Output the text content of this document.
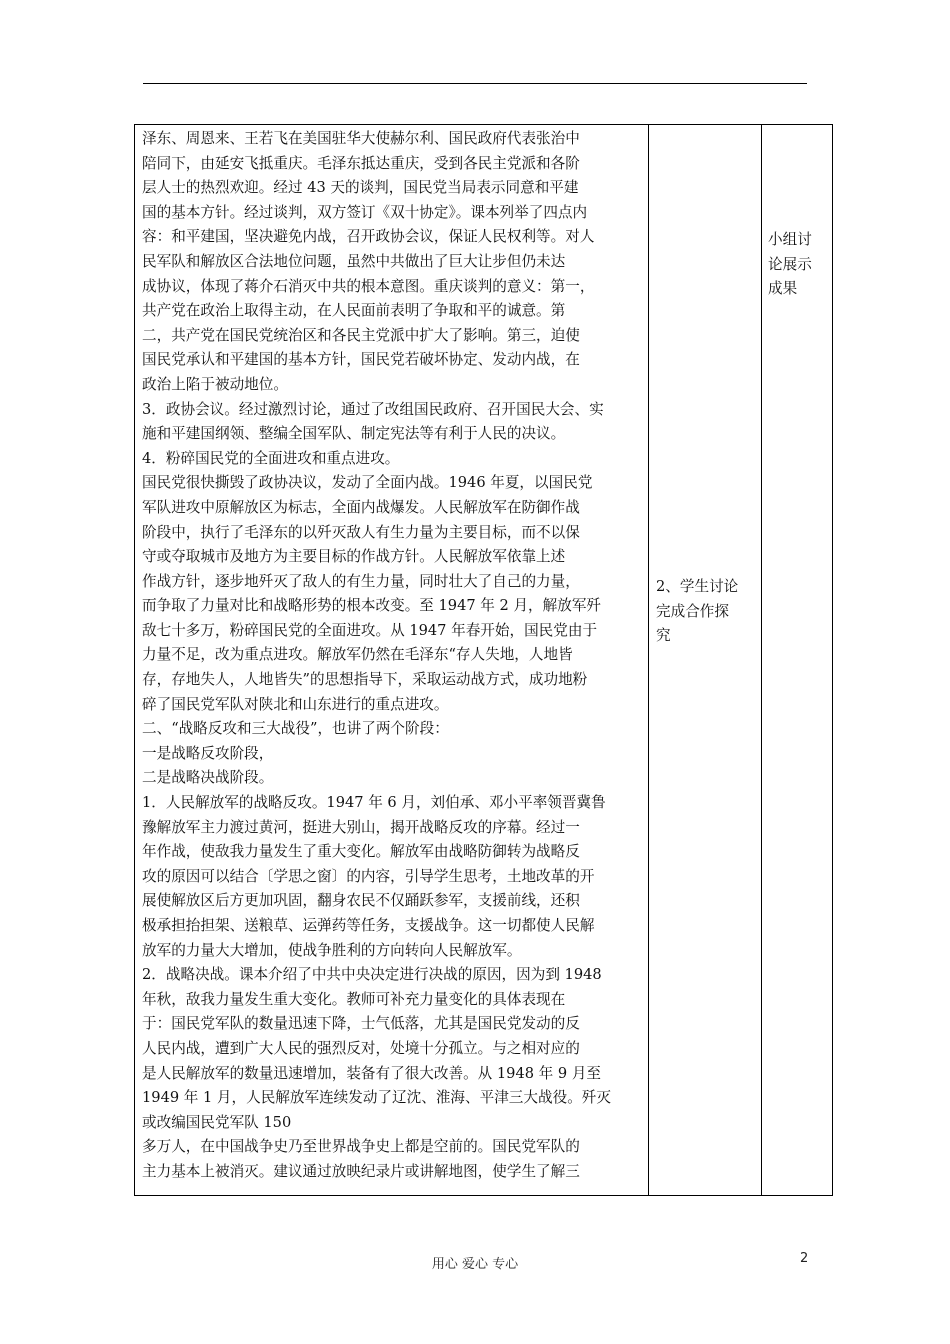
泽东、周恩来、王若飞在美国驻华大使赫尔利、国民政府代表张治中
陪同下，由延安飞抵重庆。毛泽东抵达重庆，受到各民主党派和各阶
层人士的热烈欢迎。经过 43 天的谈判，国民党当局表示同意和平建
国的基本方针。经过谈判，双方签订《双十协定》。课本列举了四点内
容：和平建国，坚决避免内战，召开政协会议，保证人民权利等。对人
民军队和解放区合法地位问题，虽然中共做出了巨大让步但仍未达
成协议，体现了蒋介石消灭中共的根本意图。重庆谈判的意义：第一，
共产党在政治上取得主动，在人民面前表明了争取和平的诚意。第
二，共产党在国民党统治区和各民主党派中扩大了影响。第三，迫使
国民党承认和平建国的基本方针，国民党若破坏协定、发动内战，在
政治上陷于被动地位。
3．政协会议。经过激烈讨论，通过了改组国民政府、召开国民大会、实
施和平建国纲领、整编全国军队、制定宪法等有利于人民的决议。
4．粉碎国民党的全面进攻和重点进攻。
国民党很快撕毁了政协决议，发动了全面内战。1946 年夏，以国民党
军队进攻中原解放区为标志，全面内战爆发。人民解放军在防御作战
阶段中，执行了毛泽东的以歼灭敌人有生力量为主要目标，而不以保
守或夺取城市及地方为主要目标的作战方针。人民解放军依靠上述
作战方针，逐步地歼灭了敌人的有生力量，同时壮大了自己的力量，
而争取了力量对比和战略形势的根本改变。至 1947 年 2 月，解放军歼
敌七十多万，粉碎国民党的全面进攻。从 1947 年春开始，国民党由于
力量不足，改为重点进攻。解放军仍然在毛泽东“存人失地，人地皆
存，存地失人，人地皆失”的思想指导下，采取运动战方式，成功地粉
碎了国民党军队对陕北和山东进行的重点进攻。
二、“战略反攻和三大战役”，也讲了两个阶段：
一是战略反攻阶段，
二是战略决战阶段。
1．人民解放军的战略反攻。1947 年 6 月，刘伯承、邓小平率领晋冀鲁
豫解放军主力渡过黄河，挺进大别山，揭开战略反攻的序幕。经过一
年作战，使敌我力量发生了重大变化。解放军由战略防御转为战略反
攻的原因可以结合〔学思之窗〕的内容，引导学生思考，土地改革的开
展使解放区后方更加巩固，翻身农民不仅踊跃参军，支援前线，还积
极承担抬担架、送粮草、运弹药等任务，支援战争。这一切都使人民解
放军的力量大大增加，使战争胜利的方向转向人民解放军。
2．战略决战。课本介绍了中共中央决定进行决战的原因，因为到 1948
年秋，敌我力量发生重大变化。教师可补充力量变化的具体表现在
于：国民党军队的数量迅速下降，士气低落，尤其是国民党发动的反
人民内战，遭到广大人民的强烈反对，处境十分孤立。与之相对应的
是人民解放军的数量迅速增加，装备有了很大改善。从 1948 年 9 月至
1949 年 1 月，人民解放军连续发动了辽沈、淮海、平津三大战役。歼灭
或改编国民党军队 150
多万人，在中国战争史乃至世界战争史上都是空前的。国民党军队的
主力基本上被消灭。建议通过放映纪录片或讲解地图，使学生了解三
2、学生讨论
完成合作探
究
小组讨
论展示
成果
用心 爱心 专心	2
